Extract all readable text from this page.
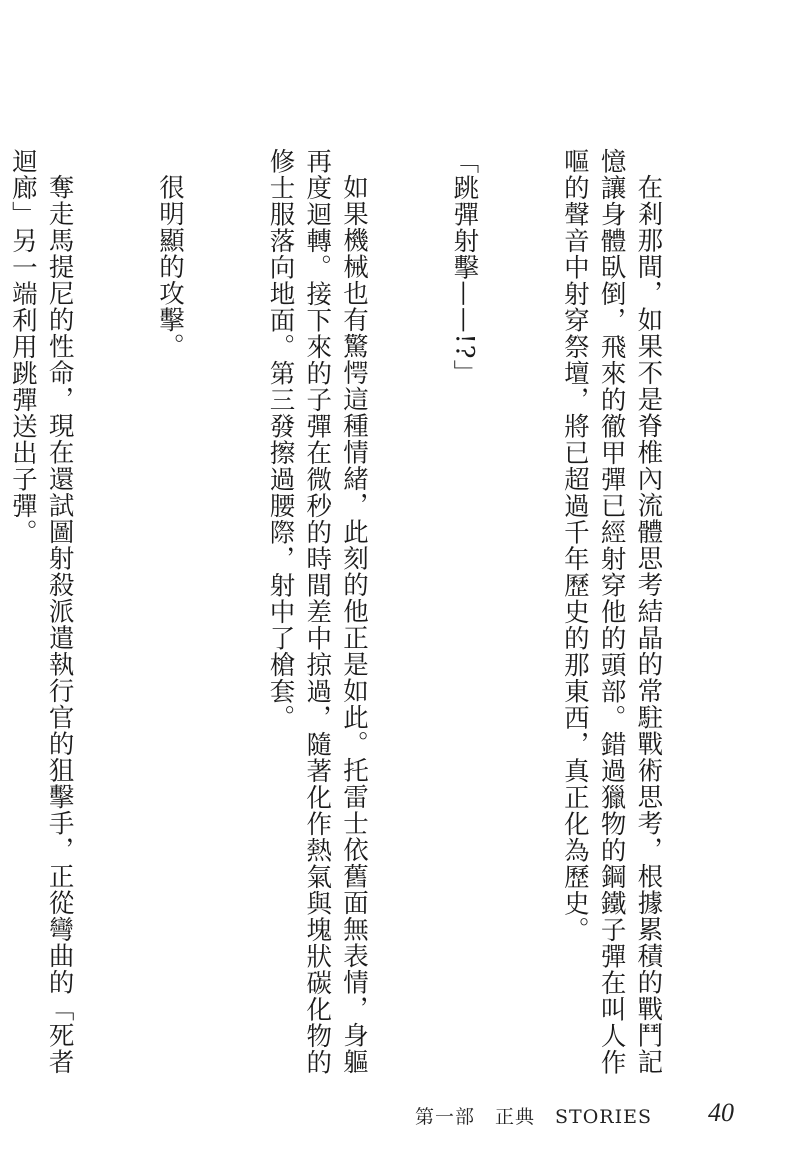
在剎那間，如果不是脊椎內流體思考結晶的常駐戰術思考，根據累積的戰鬥記憶讓身體臥倒，飛來的徹甲彈已經射穿他的頭部。錯過獵物的鋼鐵子彈在叫人作嘔的聲音中射穿祭壇，將已超過千年歷史的那東西，真正化為歷史。

「跳彈射擊——!?」

如果機械也有驚愕這種情緒，此刻的他正是如此。托雷士依舊面無表情，身軀再度迴轉。接下來的子彈在微秒的時間差中掠過，隨著化作熱氣與塊狀碳化物的修士服落向地面。第三發擦過腰際，射中了槍套。

很明顯的攻擊。

奪走馬提尼的性命，現在還試圖射殺派遣執行官的狙擊手，正從彎曲的「死者迴廊」另一端利用跳彈送出子彈。

第一部　正典　STORIES 40
